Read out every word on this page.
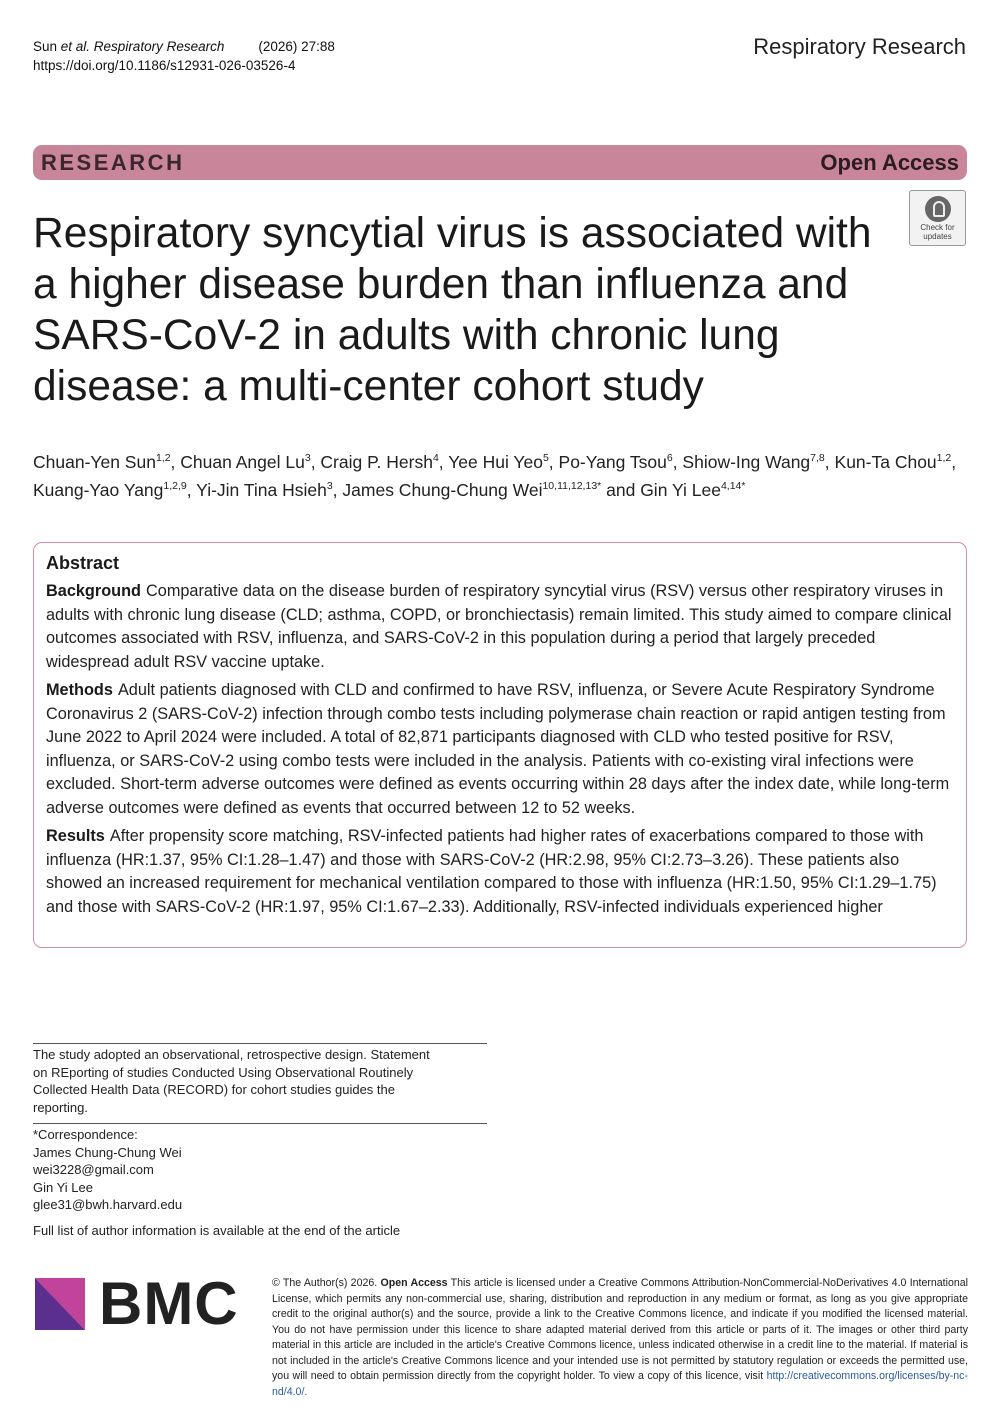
Sun et al. Respiratory Research	(2026) 27:88
https://doi.org/10.1186/s12931-026-03526-4
Respiratory Research
RESEARCH	Open Access
Check for
updates
Respiratory syncytial virus is associated with a higher disease burden than influenza and SARS-CoV-2 in adults with chronic lung disease: a multi-center cohort study
Chuan-Yen Sun$^{1,2}$, Chuan Angel Lu$^3$, Craig P. Hersh$^4$, Yee Hui Yeo$^5$, Po-Yang Tsou$^6$, Shiow-Ing Wang$^{7,8}$, Kun-Ta Chou$^{1,2}$, Kuang-Yao Yang$^{1,2,9}$, Yi-Jin Tina Hsieh$^3$, James Chung-Chung Wei$^{10,11,12,13*}$ and Gin Yi Lee$^{4,14*}$
Abstract

Background Comparative data on the disease burden of respiratory syncytial virus (RSV) versus other respiratory viruses in adults with chronic lung disease (CLD; asthma, COPD, or bronchiectasis) remain limited. This study aimed to compare clinical outcomes associated with RSV, influenza, and SARS-CoV-2 in this population during a period that largely preceded widespread adult RSV vaccine uptake.

Methods Adult patients diagnosed with CLD and confirmed to have RSV, influenza, or Severe Acute Respiratory Syndrome Coronavirus 2 (SARS-CoV-2) infection through combo tests including polymerase chain reaction or rapid antigen testing from June 2022 to April 2024 were included. A total of 82,871 participants diagnosed with CLD who tested positive for RSV, influenza, or SARS-CoV-2 using combo tests were included in the analysis. Patients with co-existing viral infections were excluded. Short-term adverse outcomes were defined as events occurring within 28 days after the index date, while long-term adverse outcomes were defined as events that occurred between 12 to 52 weeks.

Results After propensity score matching, RSV-infected patients had higher rates of exacerbations compared to those with influenza (HR:1.37, 95% CI:1.28–1.47) and those with SARS-CoV-2 (HR:2.98, 95% CI:2.73–3.26). These patients also showed an increased requirement for mechanical ventilation compared to those with influenza (HR:1.50, 95% CI:1.29–1.75) and those with SARS-CoV-2 (HR:1.97, 95% CI:1.67–2.33). Additionally, RSV-infected individuals experienced higher

The study adopted an observational, retrospective design. Statement on REporting of studies Conducted Using Observational Routinely Collected Health Data (RECORD) for cohort studies guides the reporting.
*Correspondence:
James Chung-Chung Wei
wei3228@gmail.com
Gin Yi Lee
glee31@bwh.harvard.edu
Full list of author information is available at the end of the article
BMC	© The Author(s) 2026. Open Access This article is licensed under a Creative Commons Attribution-NonCommercial-NoDerivatives 4.0 International License, which permits any non-commercial use, sharing, distribution and reproduction in any medium or format, as long as you give appropriate credit to the original author(s) and the source, provide a link to the Creative Commons licence, and indicate if you modified the licensed material. You do not have permission under this licence to share adapted material derived from this article or parts of it. The images or other third party material in this article are included in the article's Creative Commons licence, unless indicated otherwise in a credit line to the material. If material is not included in the article's Creative Commons licence and your intended use is not permitted by statutory regulation or exceeds the permitted use, you will need to obtain permission directly from the copyright holder. To view a copy of this licence, visit http://creativecommons.org/licenses/by-nc-nd/4.0/.
